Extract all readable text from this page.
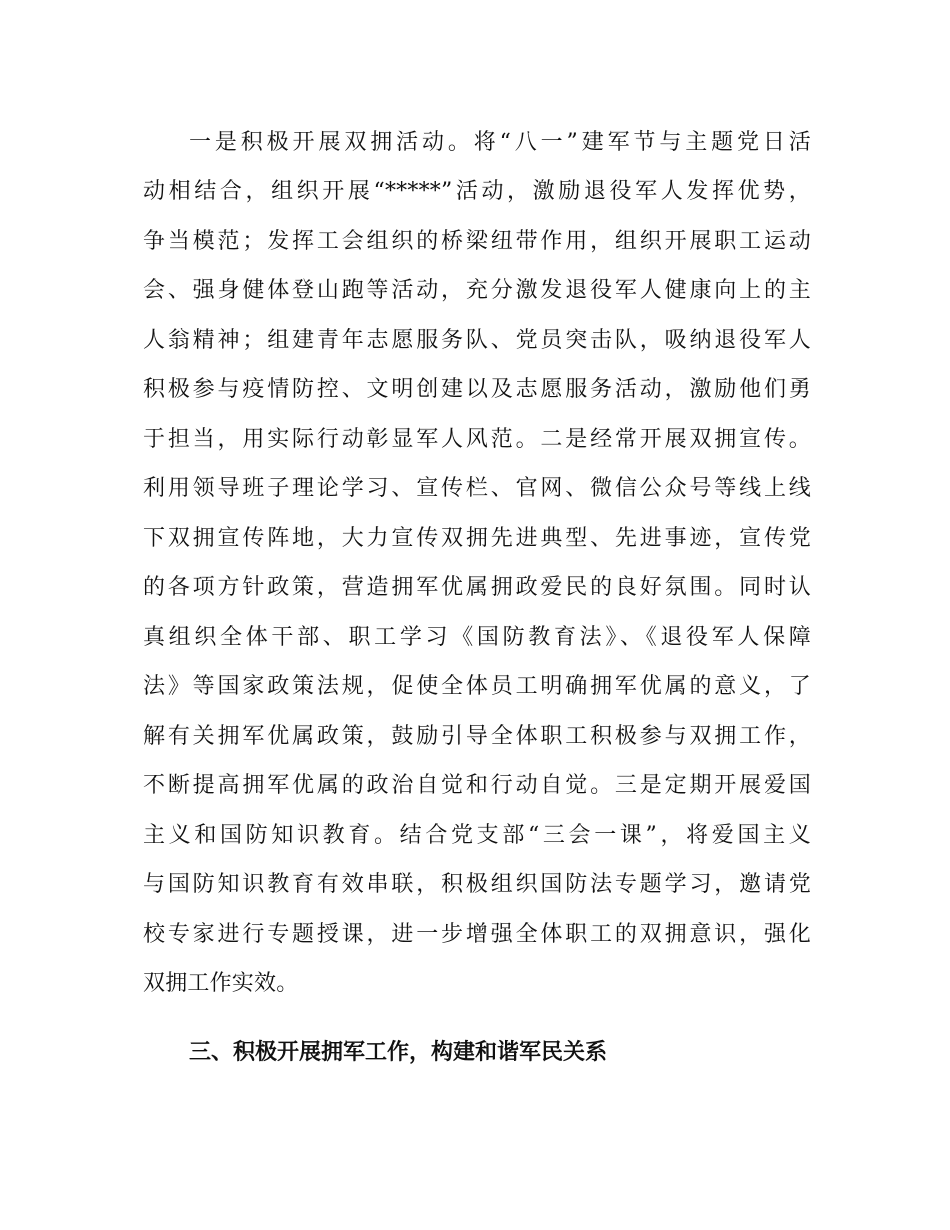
一是积极开展双拥活动。将“八一”建军节与主题党日活
动相结合，组织开展“*****”活动，激励退役军人发挥优势，
争当模范；发挥工会组织的桥梁纽带作用，组织开展职工运动
会、强身健体登山跑等活动，充分激发退役军人健康向上的主
人翁精神；组建青年志愿服务队、党员突击队，吸纳退役军人
积极参与疫情防控、文明创建以及志愿服务活动，激励他们勇
于担当，用实际行动彰显军人风范。二是经常开展双拥宣传。
利用领导班子理论学习、宣传栏、官网、微信公众号等线上线
下双拥宣传阵地，大力宣传双拥先进典型、先进事迹，宣传党
的各项方针政策，营造拥军优属拥政爱民的良好氛围。同时认
真组织全体干部、职工学习《国防教育法》、《退役军人保障
法》等国家政策法规，促使全体员工明确拥军优属的意义，了
解有关拥军优属政策，鼓励引导全体职工积极参与双拥工作，
不断提高拥军优属的政治自觉和行动自觉。三是定期开展爱国
主义和国防知识教育。结合党支部“三会一课”，将爱国主义
与国防知识教育有效串联，积极组织国防法专题学习，邀请党
校专家进行专题授课，进一步增强全体职工的双拥意识，强化
双拥工作实效。
三、积极开展拥军工作，构建和谐军民关系
